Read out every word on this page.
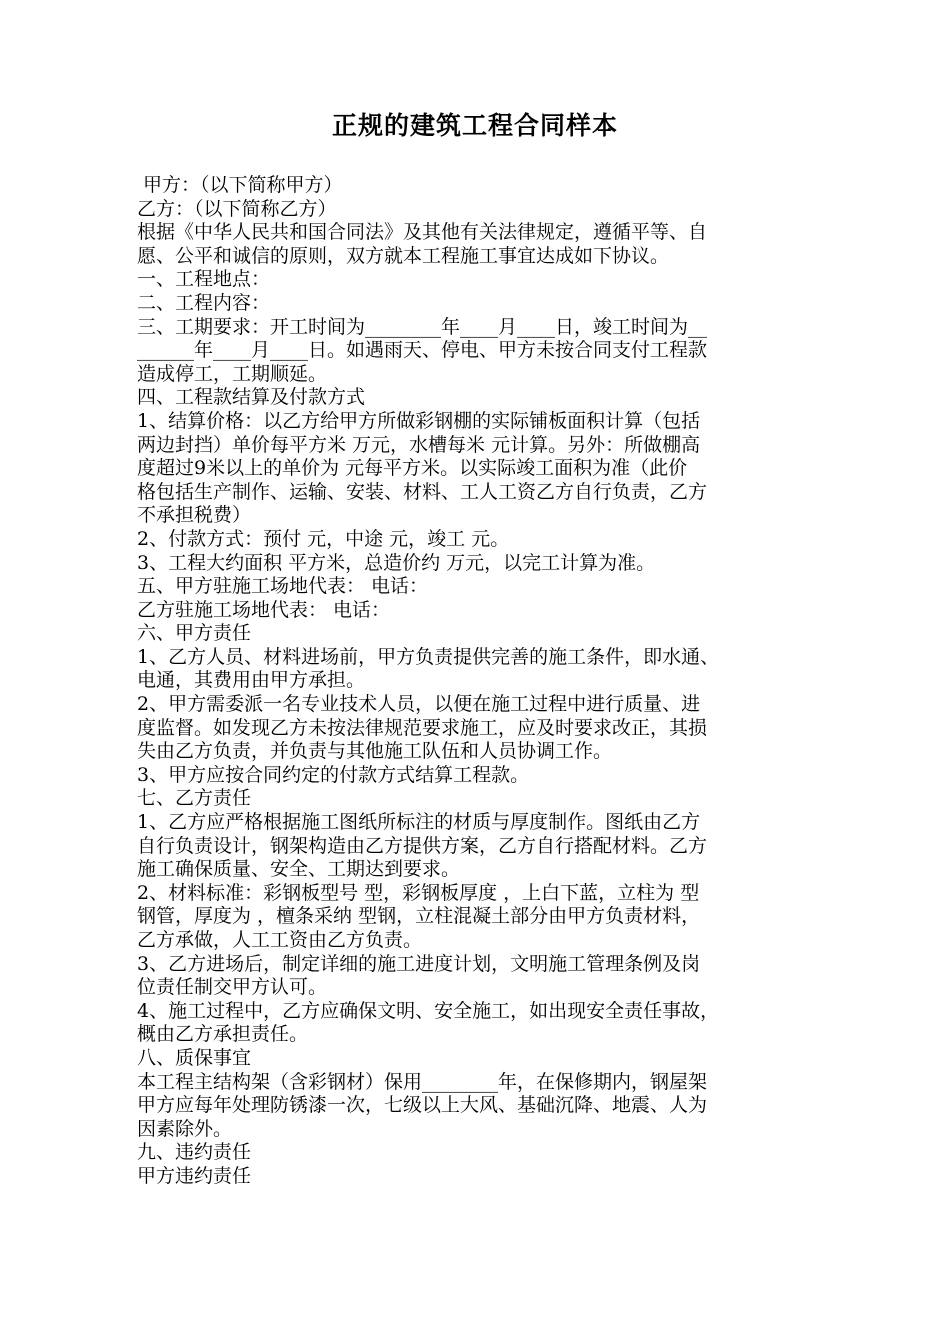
正规的建筑工程合同样本
甲方：（以下简称甲方）
乙方：（以下简称乙方）
根据《中华人民共和国合同法》及其他有关法律规定，遵循平等、自
愿、公平和诚信的原则，双方就本工程施工事宜达成如下协议。
一、工程地点：
二、工程内容：
三、工期要求：开工时间为________年____月____日，竣工时间为__
______年____月____日。如遇雨天、停电、甲方未按合同支付工程款
造成停工，工期顺延。
四、工程款结算及付款方式
1、结算价格：以乙方给甲方所做彩钢棚的实际铺板面积计算（包括
两边封挡）单价每平方米 万元，水槽每米 元计算。另外：所做棚高
度超过9米以上的单价为 元每平方米。以实际竣工面积为准（此价
格包括生产制作、运输、安装、材料、工人工资乙方自行负责，乙方
不承担税费）
2、付款方式：预付 元，中途 元，竣工 元。
3、工程大约面积 平方米，总造价约 万元，以完工计算为准。
五、甲方驻施工场地代表： 电话：
乙方驻施工场地代表： 电话：
六、甲方责任
1、乙方人员、材料进场前，甲方负责提供完善的施工条件，即水通、
电通，其费用由甲方承担。
2、甲方需委派一名专业技术人员，以便在施工过程中进行质量、进
度监督。如发现乙方未按法律规范要求施工，应及时要求改正，其损
失由乙方负责，并负责与其他施工队伍和人员协调工作。
3、甲方应按合同约定的付款方式结算工程款。
七、乙方责任
1、乙方应严格根据施工图纸所标注的材质与厚度制作。图纸由乙方
自行负责设计，钢架构造由乙方提供方案，乙方自行搭配材料。乙方
施工确保质量、安全、工期达到要求。
2、材料标准：彩钢板型号 型，彩钢板厚度 ，上白下蓝，立柱为 型
钢管，厚度为 ，檀条采纳 型钢，立柱混凝土部分由甲方负责材料，
乙方承做，人工工资由乙方负责。
3、乙方进场后，制定详细的施工进度计划，文明施工管理条例及岗
位责任制交甲方认可。
4、施工过程中，乙方应确保文明、安全施工，如出现安全责任事故，
概由乙方承担责任。
八、质保事宜
本工程主结构架（含彩钢材）保用________年，在保修期内，钢屋架
甲方应每年处理防锈漆一次，七级以上大风、基础沉降、地震、人为
因素除外。
九、违约责任
甲方违约责任
